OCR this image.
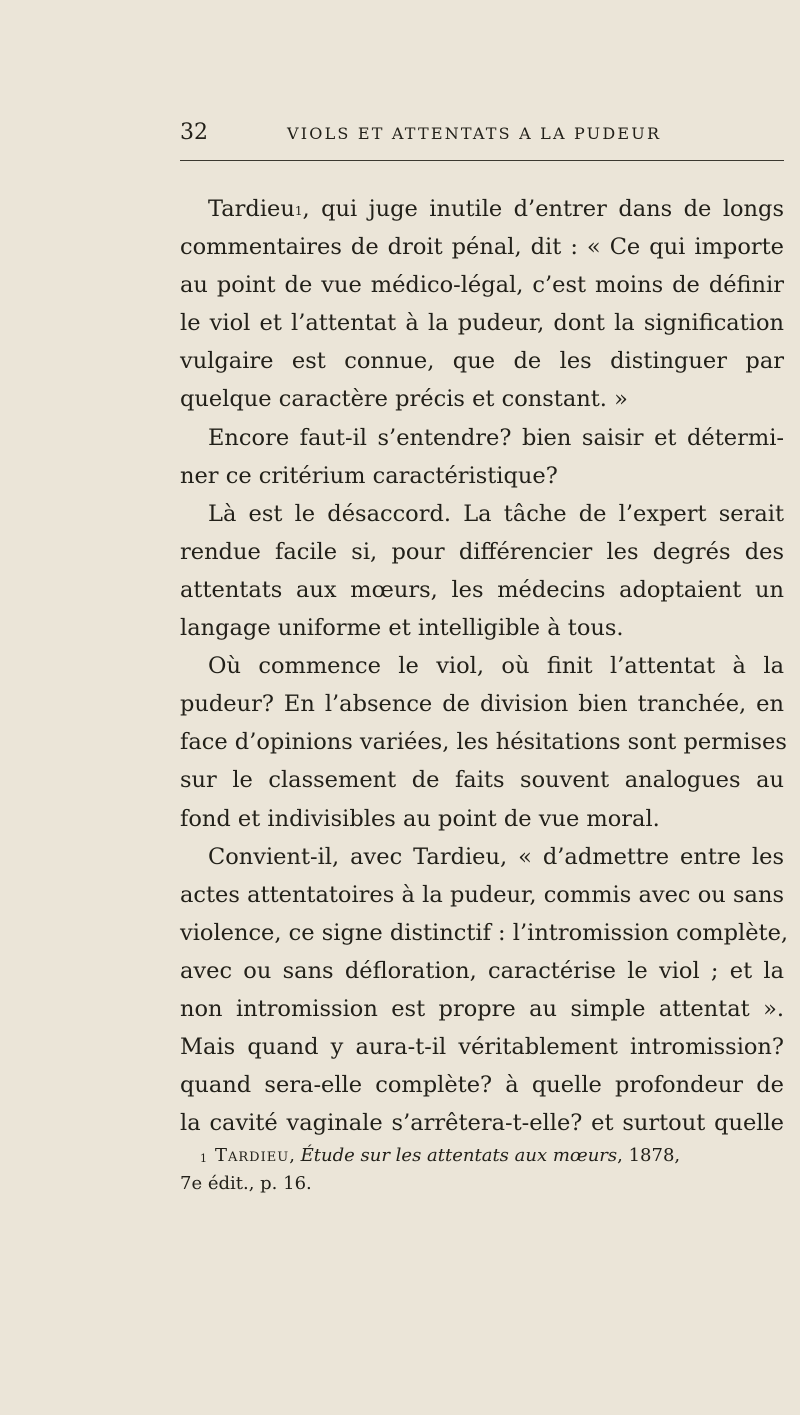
32	VIOLS ET ATTENTATS A LA PUDEUR
Tardieu$^1$, qui juge inutile d’entrer dans de longs
commentaires de droit pénal, dit : « Ce qui importe
au point de vue médico-légal, c’est moins de définir
le viol et l’attentat à la pudeur, dont la signification
vulgaire est connue, que de les distinguer par
quelque caractère précis et constant. »
Encore faut-il s’entendre? bien saisir et détermi-
ner ce critérium caractéristique?
Là est le désaccord. La tâche de l’expert serait
rendue facile si, pour différencier les degrés des
attentats aux mœurs, les médecins adoptaient un
langage uniforme et intelligible à tous.
Où commence le viol, où finit l’attentat à la
pudeur? En l’absence de division bien tranchée, en
face d’opinions variées, les hésitations sont permises
sur le classement de faits souvent analogues au
fond et indivisibles au point de vue moral.
Convient-il, avec Tardieu, « d’admettre entre les
actes attentatoires à la pudeur, commis avec ou sans
violence, ce signe distinctif : l’intromission complète,
avec ou sans défloration, caractérise le viol ; et la
non intromission est propre au simple attentat ».
Mais quand y aura-t-il véritablement intromission?
quand sera-elle complète? à quelle profondeur de
la cavité vaginale s’arrêtera-t-elle? et surtout quelle
$^1$ Tardieu, Étude sur les attentats aux mœurs, 1878,
7e édit., p. 16.
